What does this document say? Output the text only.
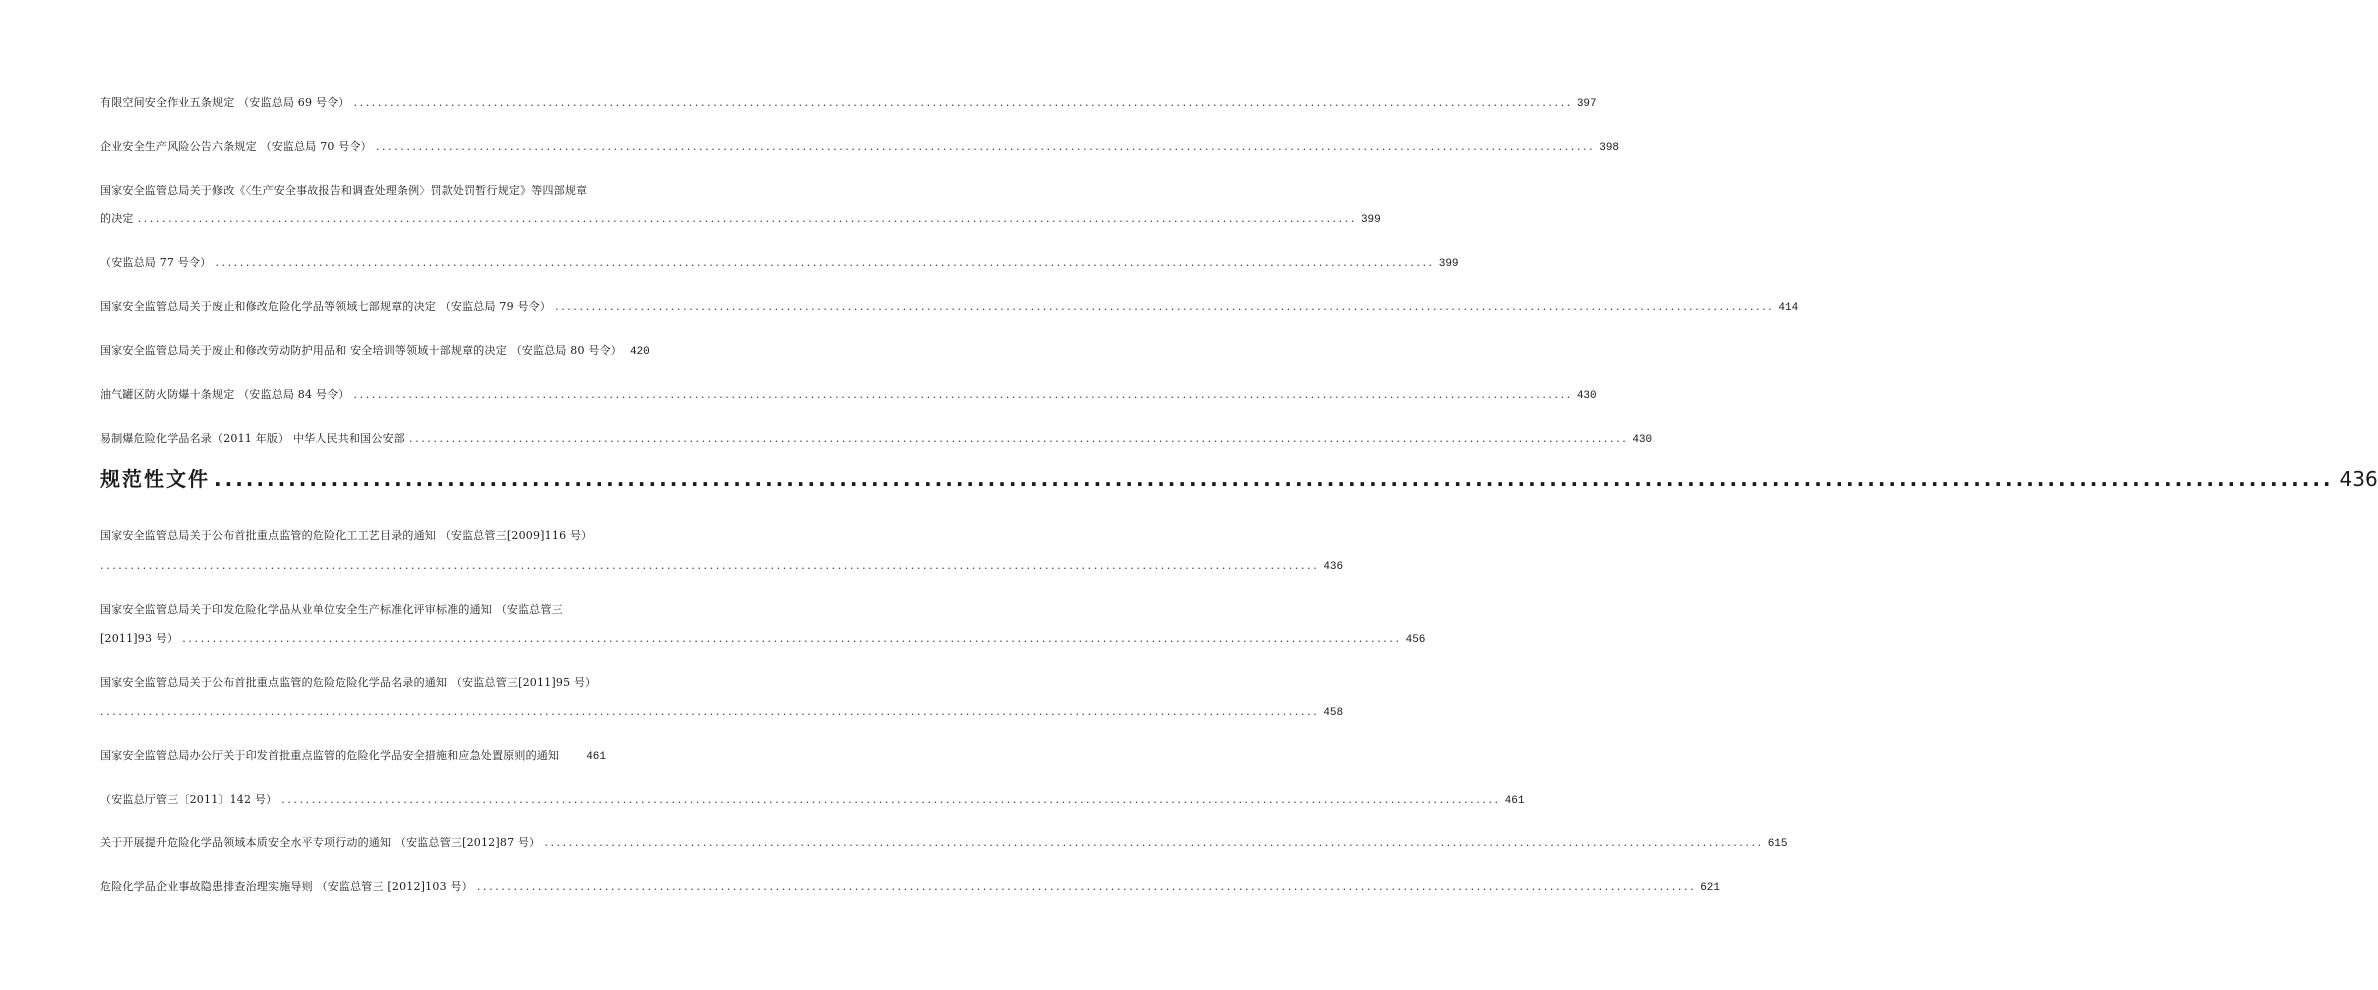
有限空间安全作业五条规定 （安监总局 69 号令） ........................................................................................................................................................................................................ 397
企业安全生产风险公告六条规定 （安监总局 70 号令） ........................................................................................................................................................................................................ 398
国家安全监管总局关于修改《〈生产安全事故报告和调查处理条例〉罚款处罚暂行规定》等四部规章
的决定 ........................................................................................................................................................................................................ 399
（安监总局 77 号令） ........................................................................................................................................................................................................ 399
国家安全监管总局关于废止和修改危险化学品等领域七部规章的决定 （安监总局 79 号令） ........................................................................................................................................................................................................ 414
国家安全监管总局关于废止和修改劳动防护用品和 安全培训等领域十部规章的决定 （安监总局 80 号令） 420
油气罐区防火防爆十条规定 （安监总局 84 号令） ........................................................................................................................................................................................................ 430
易制爆危险化学品名录（2011 年版） 中华人民共和国公安部 ........................................................................................................................................................................................................ 430
规范性文件 ........................................................................................................................................................................................................ 436
国家安全监管总局关于公布首批重点监管的危险化工工艺目录的通知 （安监总管三[2009]116 号）
........................................................................................................................................................................................................ 436
国家安全监管总局关于印发危险化学品从业单位安全生产标准化评审标准的通知 （安监总管三
[2011]93 号） ........................................................................................................................................................................................................ 456
国家安全监管总局关于公布首批重点监管的危险危险化学品名录的通知 （安监总管三[2011]95 号）
........................................................................................................................................................................................................ 458
国家安全监管总局办公厅关于印发首批重点监管的危险化学品安全措施和应急处置原则的通知 461
（安监总厅管三〔2011〕142 号） ........................................................................................................................................................................................................ 461
关于开展提升危险化学品领域本质安全水平专项行动的通知 （安监总管三[2012]87 号） ........................................................................................................................................................................................................ 615
危险化学品企业事故隐患排查治理实施导则 （安监总管三 [2012]103 号） ........................................................................................................................................................................................................ 621
